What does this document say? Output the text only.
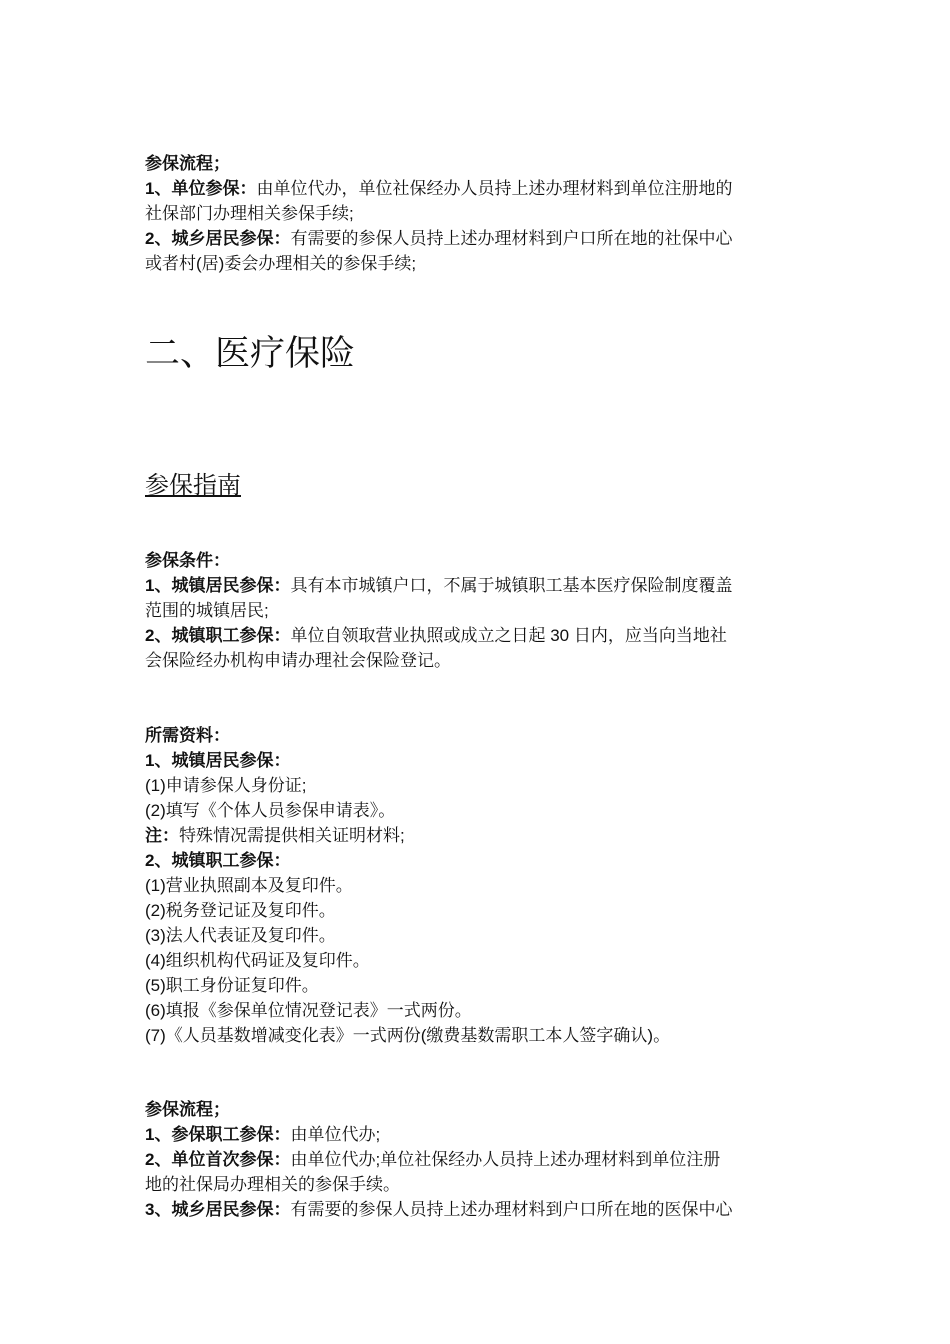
参保流程；
1、单位参保：由单位代办，单位社保经办人员持上述办理材料到单位注册地的
社保部门办理相关参保手续;
2、城乡居民参保：有需要的参保人员持上述办理材料到户口所在地的社保中心
或者村(居)委会办理相关的参保手续;
二、医疗保险
参保指南
参保条件：
1、城镇居民参保：具有本市城镇户口，不属于城镇职工基本医疗保险制度覆盖
范围的城镇居民;
2、城镇职工参保：单位自领取营业执照或成立之日起 30 日内，应当向当地社
会保险经办机构申请办理社会保险登记。
所需资料：
1、城镇居民参保：
(1)申请参保人身份证;
(2)填写《个体人员参保申请表》。
注：特殊情况需提供相关证明材料;
2、城镇职工参保：
(1)营业执照副本及复印件。
(2)税务登记证及复印件。
(3)法人代表证及复印件。
(4)组织机构代码证及复印件。
(5)职工身份证复印件。
(6)填报《参保单位情况登记表》一式两份。
(7)《人员基数增减变化表》一式两份(缴费基数需职工本人签字确认)。
参保流程；
1、参保职工参保：由单位代办;
2、单位首次参保：由单位代办;单位社保经办人员持上述办理材料到单位注册
地的社保局办理相关的参保手续。
3、城乡居民参保：有需要的参保人员持上述办理材料到户口所在地的医保中心
